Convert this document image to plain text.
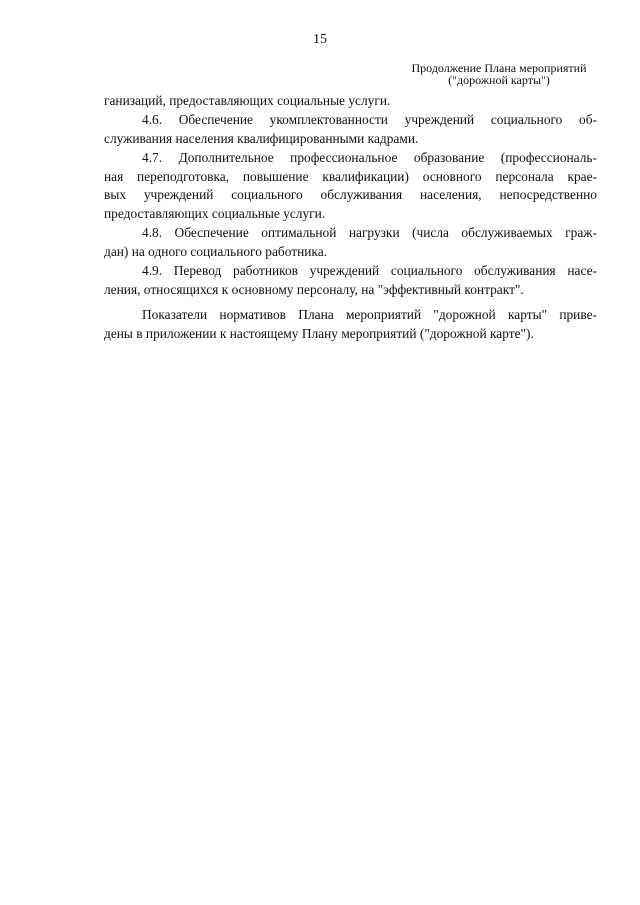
15
Продолжение Плана мероприятий
("дорожной карты")
ганизаций, предоставляющих социальные услуги.
4.6. Обеспечение укомплектованности учреждений социального об-
служивания населения квалифицированными кадрами.
4.7. Дополнительное профессиональное образование (профессиональ-
ная переподготовка, повышение квалификации) основного персонала крае-
вых учреждений социального обслуживания населения, непосредственно
предоставляющих социальные услуги.
4.8. Обеспечение оптимальной нагрузки (числа обслуживаемых граж-
дан) на одного социального работника.
4.9. Перевод работников учреждений социального обслуживания насе-
ления, относящихся к основному персоналу, на "эффективный контракт".
Показатели нормативов Плана мероприятий "дорожной карты" приве-
дены в приложении к настоящему Плану мероприятий ("дорожной карте").
